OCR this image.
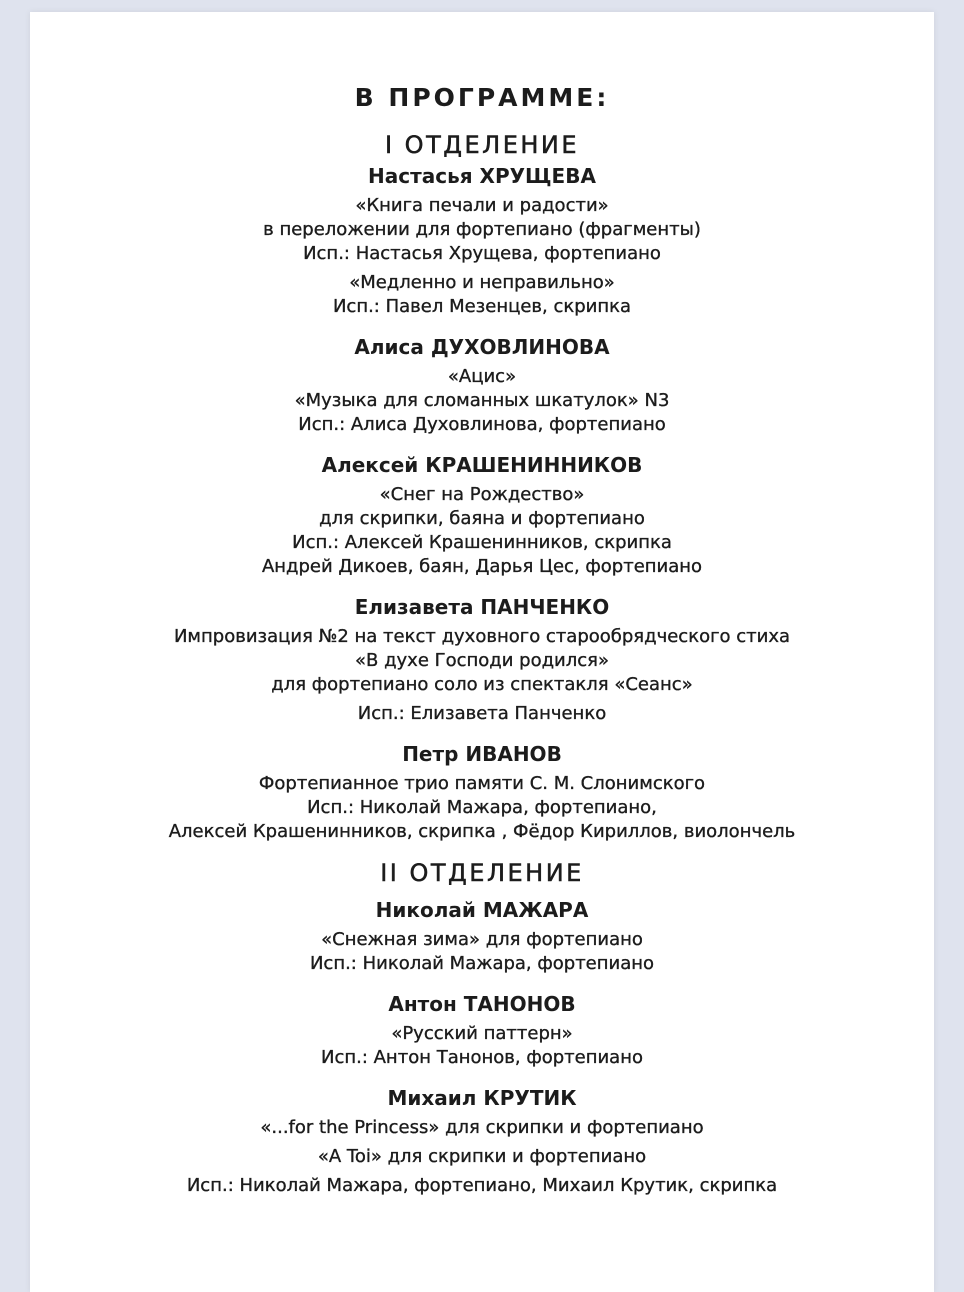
В ПРОГРАММЕ:

I ОТДЕЛЕНИЕ

Настасья ХРУЩЕВА

«Книга печали и радости»

в переложении для фортепиано (фрагменты)

Исп.: Настасья Хрущева, фортепиано

«Медленно и неправильно»

Исп.: Павел Мезенцев, скрипка

Алиса ДУХОВЛИНОВА

«Ацис»

«Музыка для сломанных шкатулок» N3

Исп.: Алиса Духовлинова, фортепиано

Алексей КРАШЕНИННИКОВ

«Снег на Рождество»

для скрипки, баяна и фортепиано

Исп.: Алексей Крашенинников, скрипка

Андрей Дикоев, баян, Дарья Цес, фортепиано

Елизавета ПАНЧЕНКО

Импровизация №2 на текст духовного старообрядческого стиха

«В духе Господи родился»

для фортепиано соло из спектакля «Сеанс»

Исп.: Елизавета Панченко

Петр ИВАНОВ

Фортепианное трио памяти С. М. Слонимского

Исп.: Николай Мажара, фортепиано,

Алексей Крашенинников, скрипка , Фёдор Кириллов, виолончель

II ОТДЕЛЕНИЕ

Николай МАЖАРА

«Снежная зима» для фортепиано

Исп.: Николай Мажара, фортепиано

Антон ТАНОНОВ

«Русский паттерн»

Исп.: Антон Танонов, фортепиано

Михаил КРУТИК

«...for the Princess» для скрипки и фортепиано

«A Toi» для скрипки и фортепиано

Исп.: Николай Мажара, фортепиано, Михаил Крутик, скрипка
